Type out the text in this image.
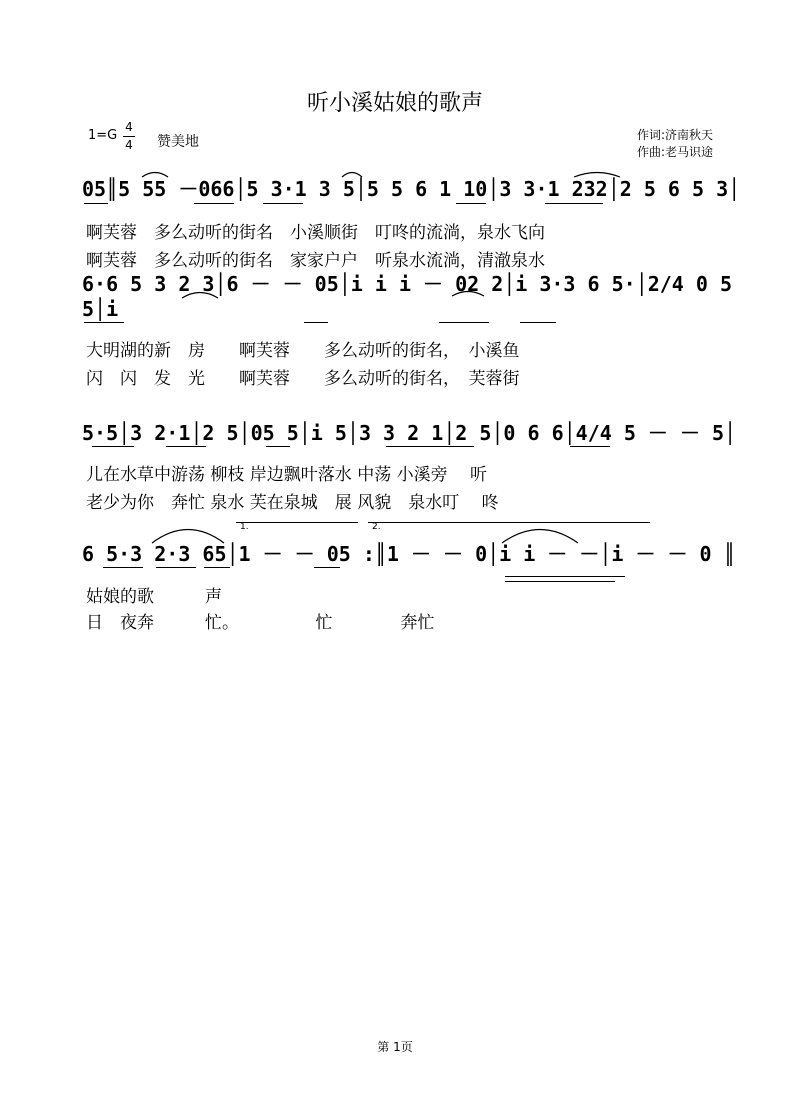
听小溪姑娘的歌声
1=G
4
4 赞美地	作词:济南秋天
作曲:老马识途
05║5 55 －066│5 3·1 3 5│5 5 6 1 10│3 3·1 232│2 5 6 5 3│
啊芙蓉　多么动听的街名　小溪顺街　叮咚的流淌，泉水飞向
啊芙蓉　多么动听的街名　家家户户　听泉水流淌，清澈泉水
6·6 5 3 2 3│6 － － 05│i i i － 02 2│i 3·3 6 5·│2/4 0 5 5│i
大明湖的新　房　　啊芙蓉　　多么动听的街名，　小溪鱼
闪　闪　发　光　　啊芙蓉　　多么动听的街名，　芙蓉街
5·5│3 2·1│2 5│05 5│i 5│3 3 2 1│2 5│0 6 6│4/4 5 － － 5│
儿在水草中游荡 柳枝 岸边飘叶落水 中荡 小溪旁　 听
老少为你　奔忙 泉水 芙在泉城　展 风貌　泉水叮　 咚
1.	2.
6 5·3 2·3 65│1 － － 05 :║1 － － 0│i i － －│i － － 0 ║
姑娘的歌　　　声
日　夜奔　　　忙。　　　　　忙　　　　奔忙
第 1页
